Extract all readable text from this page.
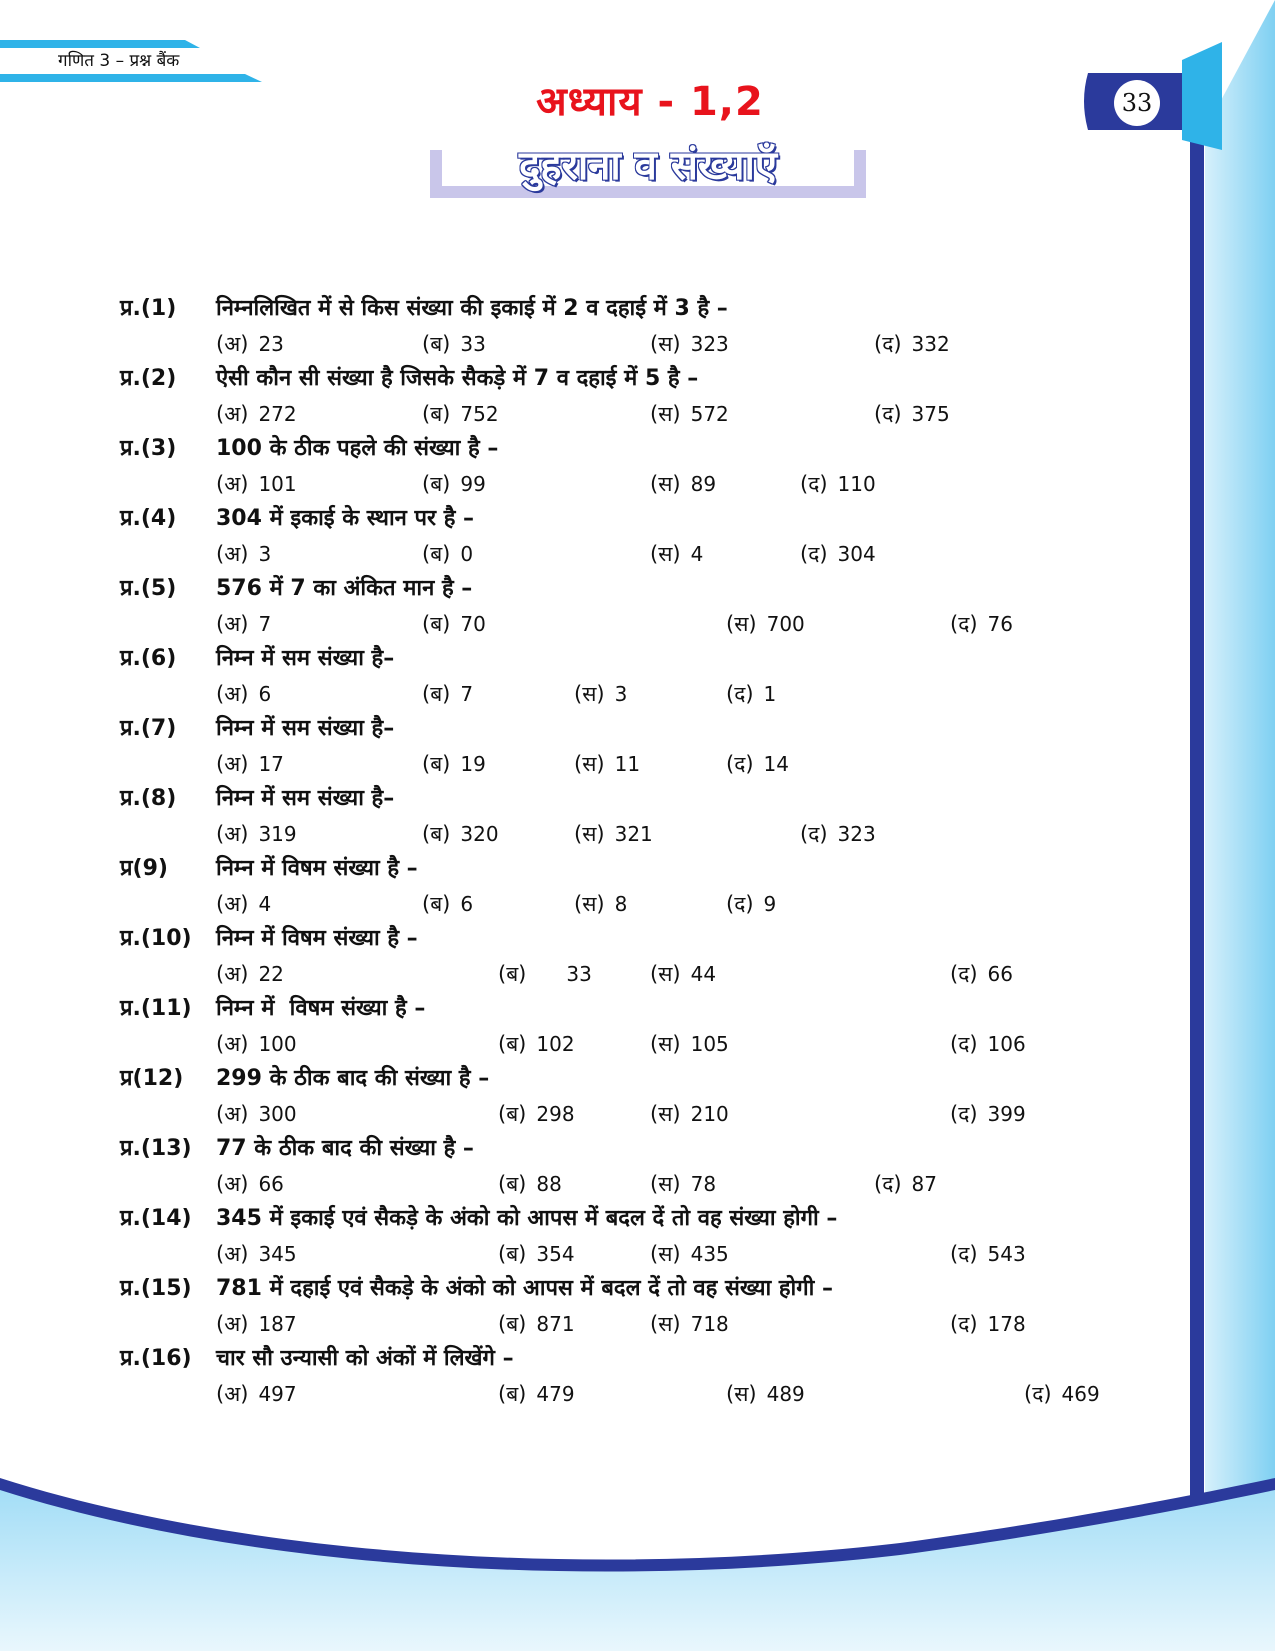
गणित 3 – प्रश्न बैंक
33
अध्याय - 1,2
दुहराना व संख्याएँ
प्र.(1) निम्नलिखित में से किस संख्या की इकाई में 2 व दहाई में 3 है –
(अ) 23	(ब) 33	(स) 323	(द) 332
प्र.(2) ऐसी कौन सी संख्या है जिसके सैकड़े में 7 व दहाई में 5 है –
(अ) 272	(ब) 752	(स) 572	(द) 375
प्र.(3) 100 के ठीक पहले की संख्या है –
(अ) 101	(ब) 99	(स) 89	(द) 110
प्र.(4) 304 में इकाई के स्थान पर है –
(अ) 3	(ब) 0	(स) 4	(द) 304
प्र.(5) 576 में 7 का अंकित मान है –
(अ) 7	(ब) 70	(स) 700	(द) 76
प्र.(6) निम्न में सम संख्या है–
(अ) 6	(ब) 7	(स) 3	(द) 1
प्र.(7) निम्न में सम संख्या है–
(अ) 17	(ब) 19	(स) 11	(द) 14
प्र.(8) निम्न में सम संख्या है–
(अ) 319	(ब) 320	(स) 321	(द) 323
प्र(9) निम्न में विषम संख्या है –
(अ) 4	(ब) 6	(स) 8	(द) 9
प्र.(10) निम्न में विषम संख्या है –
(अ) 22	(ब) 33	(स) 44	(द) 66
प्र.(11) निम्न में  विषम संख्या है –
(अ) 100	(ब) 102	(स) 105	(द) 106
प्र(12) 299 के ठीक बाद की संख्या है –
(अ) 300	(ब) 298	(स) 210	(द) 399
प्र.(13) 77 के ठीक बाद की संख्या है –
(अ) 66	(ब) 88	(स) 78	(द) 87
प्र.(14) 345 में इकाई एवं सैकड़े के अंको को आपस में बदल दें तो वह संख्या होगी –
(अ) 345	(ब) 354	(स) 435	(द) 543
प्र.(15) 781 में दहाई एवं सैकड़े के अंको को आपस में बदल दें तो वह संख्या होगी –
(अ) 187	(ब) 871	(स) 718	(द) 178
प्र.(16) चार सौ उन्यासी को अंकों में लिखेंगे –
(अ) 497	(ब) 479	(स) 489	(द) 469
